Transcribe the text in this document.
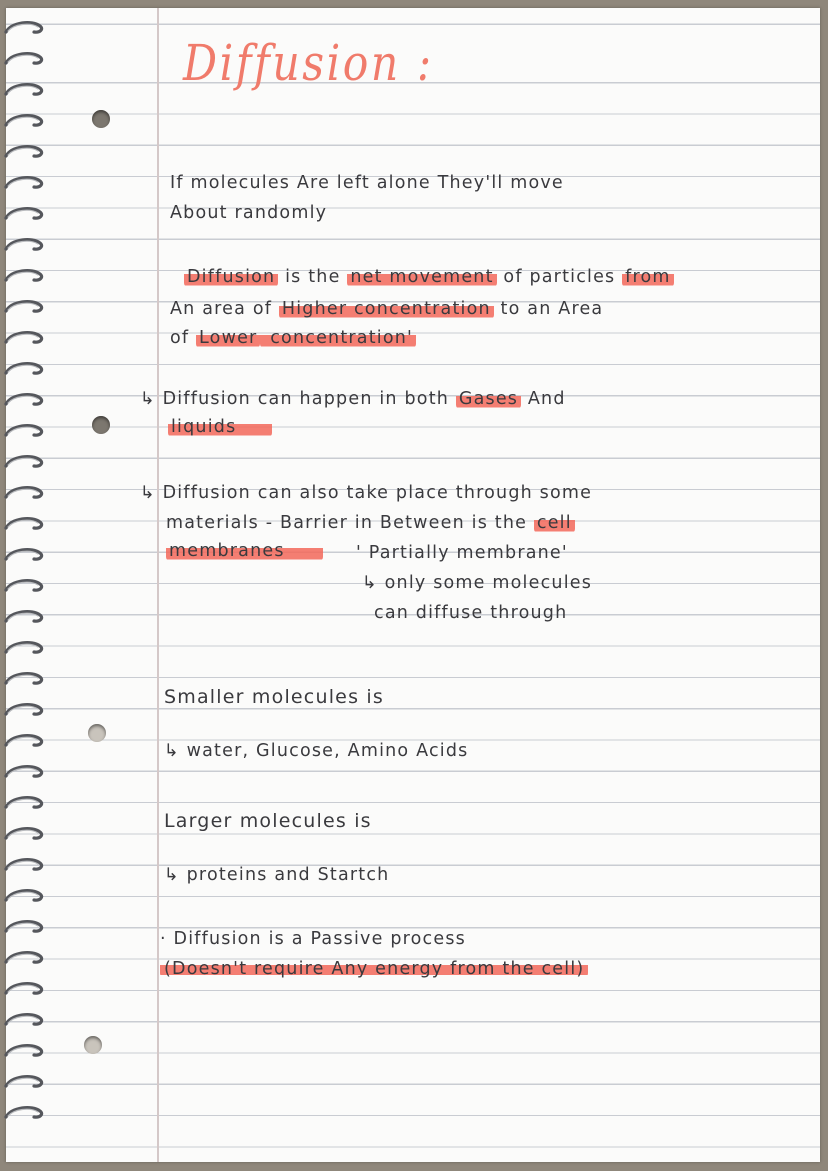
Diffusion :
If molecules Are left alone They'll move
About randomly
Diffusion is the net movement of particles from
An area of Higher concentration to an Area
of Lower concentration'
↳ Diffusion can happen in both Gases And
liquids
↳ Diffusion can also take place through some
materials - Barrier in Between is the cell
membranes	' Partially membrane'
↳ only some molecules
can diffuse through
Smaller molecules is
↳ water, Glucose, Amino Acids
Larger molecules is
↳ proteins and Startch
· Diffusion is a Passive process
(Doesn't require Any energy from the cell)
